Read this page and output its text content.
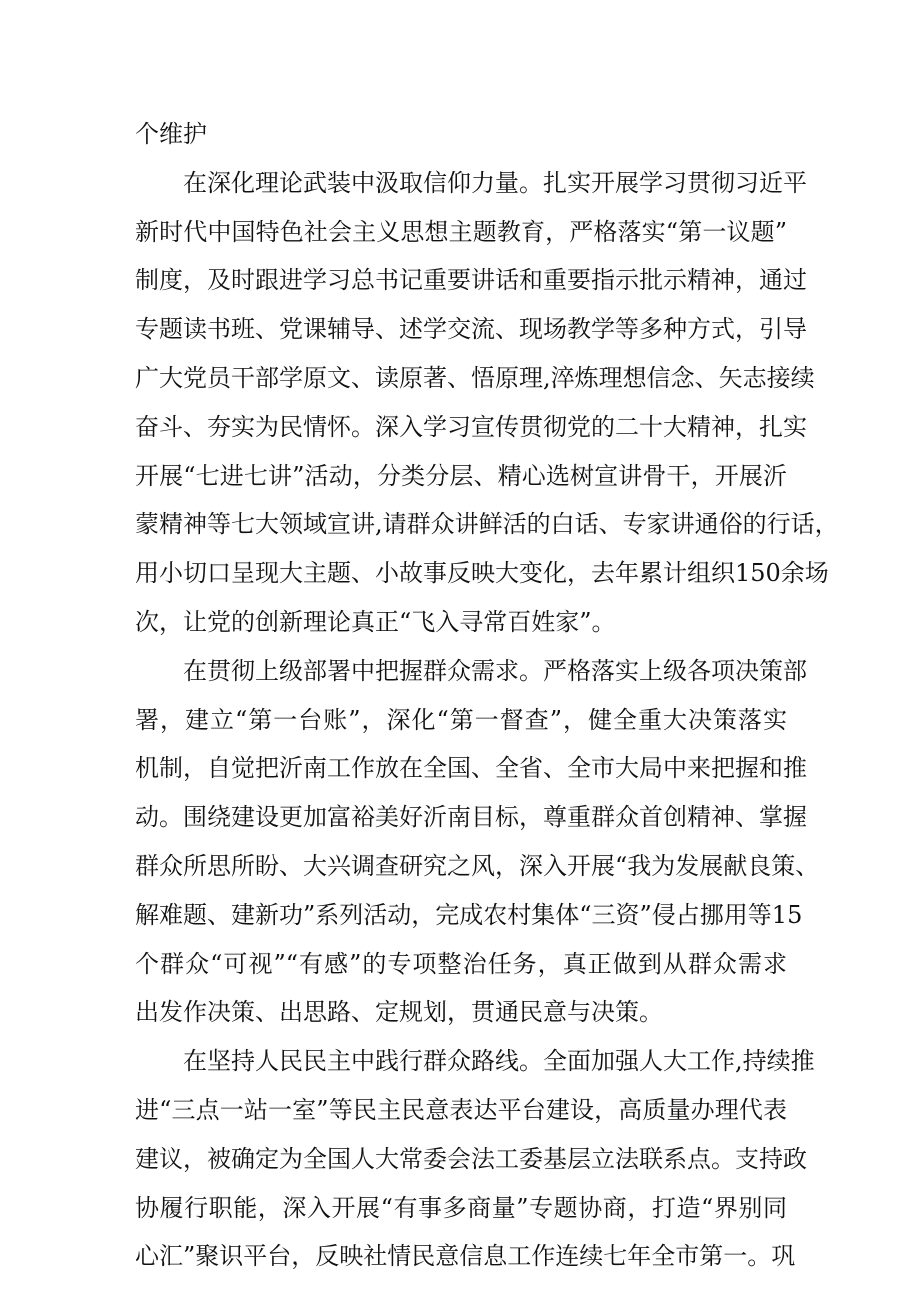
个维护
在深化理论武装中汲取信仰力量。扎实开展学习贯彻习近平
新时代中国特色社会主义思想主题教育，严格落实“第一议题”
制度，及时跟进学习总书记重要讲话和重要指示批示精神，通过
专题读书班、党课辅导、述学交流、现场教学等多种方式，引导
广大党员干部学原文、读原著、悟原理,淬炼理想信念、矢志接续
奋斗、夯实为民情怀。深入学习宣传贯彻党的二十大精神，扎实
开展“七进七讲”活动，分类分层、精心选树宣讲骨干，开展沂
蒙精神等七大领域宣讲,请群众讲鲜活的白话、专家讲通俗的行话，
用小切口呈现大主题、小故事反映大变化，去年累计组织150余场
次，让党的创新理论真正“飞入寻常百姓家”。
在贯彻上级部署中把握群众需求。严格落实上级各项决策部
署，建立“第一台账”，深化“第一督查”，健全重大决策落实
机制，自觉把沂南工作放在全国、全省、全市大局中来把握和推
动。围绕建设更加富裕美好沂南目标，尊重群众首创精神、掌握
群众所思所盼、大兴调查研究之风，深入开展“我为发展献良策、
解难题、建新功”系列活动，完成农村集体“三资”侵占挪用等15
个群众“可视”“有感”的专项整治任务，真正做到从群众需求
出发作决策、出思路、定规划，贯通民意与决策。
在坚持人民民主中践行群众路线。全面加强人大工作,持续推
进“三点一站一室”等民主民意表达平台建设，高质量办理代表
建议，被确定为全国人大常委会法工委基层立法联系点。支持政
协履行职能，深入开展“有事多商量”专题协商，打造“界别同
心汇”聚识平台，反映社情民意信息工作连续七年全市第一。巩
